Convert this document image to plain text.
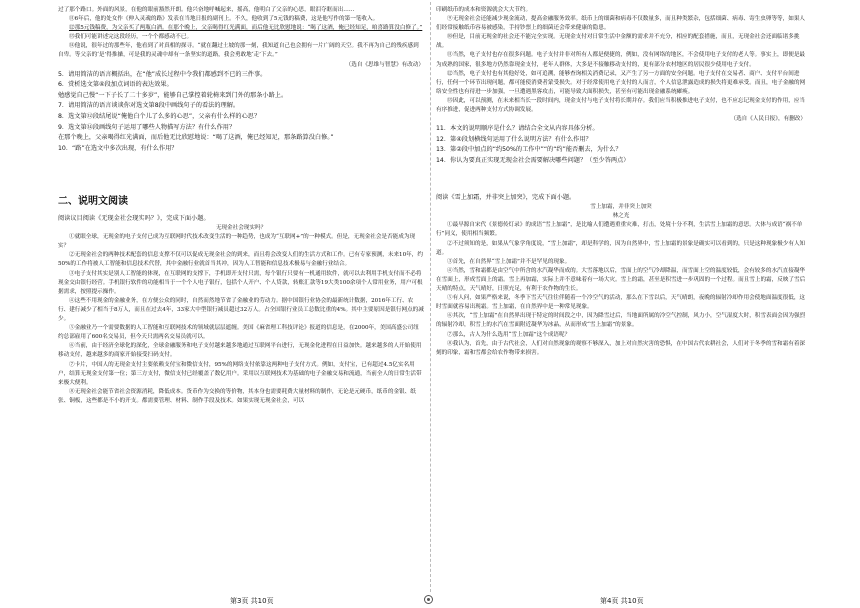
过了那个路口。外面的风景，在他的眼前豁然开朗。他兴奋地呼喊起来，摇高，他明白了父亲的心思，眼泪夺眶而出……

⑪6年后，他的处女作《伸入灵魂的路》发表在当地日报的副刊上。不久，他收到了5元钱的稿费，这是他写作的第一笔收入。

⑫那5元钱稿费，为父亲买了两瓶白酒。在那个晚上，父亲喝得红光满面，而后他无比欣慰地说：“喝了这酒，俺已经知足，咱喜路算没白修了。”

⑬我们可能讲述完这段经历，一个个都感动不已。

⑭他说，很年过的那些年，他看到了对真相的探寻。“就在翻过土坡的那一刻，我知道自己也会拥有一片广阔的天空。我不再为自己的残疾感到自卑。等父亲的‘是’得推搡，可是我的灵魂中却有一条坚实的道路，我会勇敢地‘走’下去。”

（选自《思维与智慧》有改动）

5．请用简洁的语言概括出，在“他”成长过程中令我们都感到不已的三件事。

6．赏析选文第④段加点词语的表达效果。

勉感觉自己慢“一下子长了二十多岁”，能够自己掌控着轮椅来到门外的那条小路上。

7．请用简洁的语言谈谈你对选文第8段中画线句子的看法的理解。

8．选文第⑫段结尾说“俺他白个儿了么多的心思”，父亲有什么样的心思？

9．选文第⑭段画线句子运用了哪些人物描写方法？有什么作用？

在那个晚上，父亲喝得红光满面，而后他无比欣慰地说：“喝了这酒，俺已经知足，那条路算没白修。”

10．“路”在选文中多次出现，有什么作用？

二、说明文阅读

阅读议目阅读《无现金社会现实吗？》，完成下面小题。

无现金社会现实吗？

①就眼全球，无现金的电子支付已成为互联网时代技术改变生活的一种趋势，也成为“互联网+”的一种模式。但是，无现金社会是否能成为现实？

②无现金社会的两种技术配套的信息支撑不仅可以促成无现金社会的到来，而且将会改变人们的生活方式和工作。已有专家预测，未来10年，约50%的工作将被人工智能和信息技术代替，其中金融行业就首当其冲，因为人工智能和信息技术极易与金融行业结合。

③电子支付其实是别人工智能的体现，在互联网的支撑下，手机即开支付只需，每个银行只要有一机通用软件，就可以去利用手机支付而不必将现金交由银行经营。手机银行软件的功能相当于一个个人电子银行，包括个人开户、个人贷款，转账汇款等19大类100余项个人常用业务，用户可根据需求，按照提示操作。

④这些不用现金的金融业务，在方便公众的同时，自然而然地节省了金融业的劳动力。据中国银行业协会的最新统计数据，2016年工行、农行、建行减少了相当于8万人，而且在过去4年，33家大中型银行减员超过32万人。占全国银行业员工总数比重的4%。其中主要原因是银行网点的减少。

⑤金融业乃一个需要数据的人工智能和互联网技术的领域就层层遮缠。美国《麻省理工科技评论》报道的信息是，在2000年，美国高盛公司纽约总部雇用了600名交易员，但今天只需两名交易员就可以。

⑥当前，由于经济全球化的深化，全球金融服务和电子支付越来越多地通过互联网平台进行，无现金化进程在日益加快。越来越多的人开始使用移动支付，越来越多的商家开始接受扫码支付。

⑦卡片，中国人的无现金支付主要依赖支付宝和微信支付，95%的网络支付依靠这两种电子支付方式。例如，支付宝，已有超过4.5亿实名用户，结算无现金支付第一位；第三方支付，微信支付已经覆盖了数亿用户。采用以互联网技术为基础的电子金融交易和流通，当前全人的日常生活带来极大便利。

⑧无现金社会能节省社会资源消耗，降低成本。货币作为交换的等价物，其本身也需要耗费大量材料的制作，无论是元硬币，纸币的金银、纸张、铜板，这些都是不小的开支。都需要管理、材料、制作手段及技术。如果实现无现金社会，可以

印刷纸币的成本和资源就会大大节约。

⑨无现金社会还能减少现金流动，提高金融服务效率。纸币上的细菌和病毒不仅数量多，而且种类繁杂，包括细菌、病毒、寄生虫卵等等，如果人们经常接触纸币容易被感染，手持钞票上的细菌还会带来健康的隐患。

⑩但是，目前无现金的社会还不能完全实现。无现金支付对日常生活中金额的需求并不充分，相应的配套措施，而且，无现金社会还面临诸多挑战。

⑪当然，电子支付也存在很多问题。电子支付并非对所有人都是便捷的，例如，没有网络的地区，不会使用电子支付的老人等。事实上，即便是最为成熟的国家，很多地方仍然靠现金支付，老年人群体，大多是不接触移动支付的，更有部分农村地区的居民很少使用电子支付。

⑫当然，电子支付也有其他好处，如可追溯，能够查询相关消费记录，又产生了另一方面的安全问题。电子支付在交易者、商户、支付平台间进行，任何一个环节出现问题，都可能使消费者蒙受损失。对于经常使用电子支付的人而言，个人信息泄露造成的损失将更难承受。而且，电子金融的网络安全性也有待进一步加强，一旦遭遇黑客攻击，可能导致大面积损失，甚至有可能出现金融系统瘫痪。

⑬因此，可以预测，在未来相当长一段时间内，现金支付与电子支付将长期并存。我们应当积极推进电子支付，也不应忘记现金支付的作用，应当有序推进，促进两种支付方式协调发展。

（选自《人民日报》，有删改）

11．本文的说明顺序是什么？请结合全文从内容具体分析。

12．第④段划横线句运用了什么说明方法？有什么作用？

13．第②段中加点的“约50%的工作中”“的“约”能否删去，为什么？

14．你认为要真正实现无现金社会需要解决哪些问题？（至少答两点）

阅读《雪上加霜，并非突上加突》，完成下面小题。

雪上加霜，并非突上加突

林之光

①最早源自宋代《景德传灯录》的成语“雪上加霜”，是比喻人们遭遇重重灾难，打击，处境十分不利，生活雪上加霜的意思。大体与成语“祸不单行”同义，使用相当频繁。

②不过须知的是，如果从气象学角度说，“雪上加霜”，却是科学的，因为自然界中，雪上加霜的景象是确实可以看到的，只是这种现象极少有人知道。

③首先，在自然界“雪上加霜”并不是罕见的现象。

④当然，雪和霜都是由空气中所含的水汽凝华而成的。大雪落地以后，雪面上的空气冷却降温，而雪面上空的温度较低，会有较多的水汽直接凝华在雪面上，形成雪面上的霜。雪上再加霜，实际上并不意味着有一场大灾。雪上的霜，甚至是积雪进一步巩固的一个过程。而且雪上的霜，反映了雪后天晴的特点，天气晴好，日照充足，有利于农作物的生长。

⑤有人问，如果严格来说，冬季下雪天气往往伴随着一个冷空气的活动，那么在下雪以后，天气晴朗，夜晚的辐射冷却作用会使地面温度很低，这时雪面就容易出现霜。雪上加霜，在自然界中是一种常见现象。

⑥其次，“雪上加霜”在自然界出现于特定的时间段之中，因为降雪过后，当地面所属的冷空气控制，风力小，空气湿度大时，积雪表面会因为强烈的辐射冷却，积雪上的水汽在雪面附近凝华为冰晶，从而形成“雪上加霜”的景象。

⑦那么，古人为什么选用“雪上加霜”这个成语呢？

⑧我认为，首先，由于古代社会，人们对自然现象的观察不够深入，加上对自然灾害的恐惧，在中国古代农耕社会，人们对于冬季的雪和霜有着深刻的印象，霜和雪都会给农作物带来损害。

第3页 共10页	第4页 共10页
